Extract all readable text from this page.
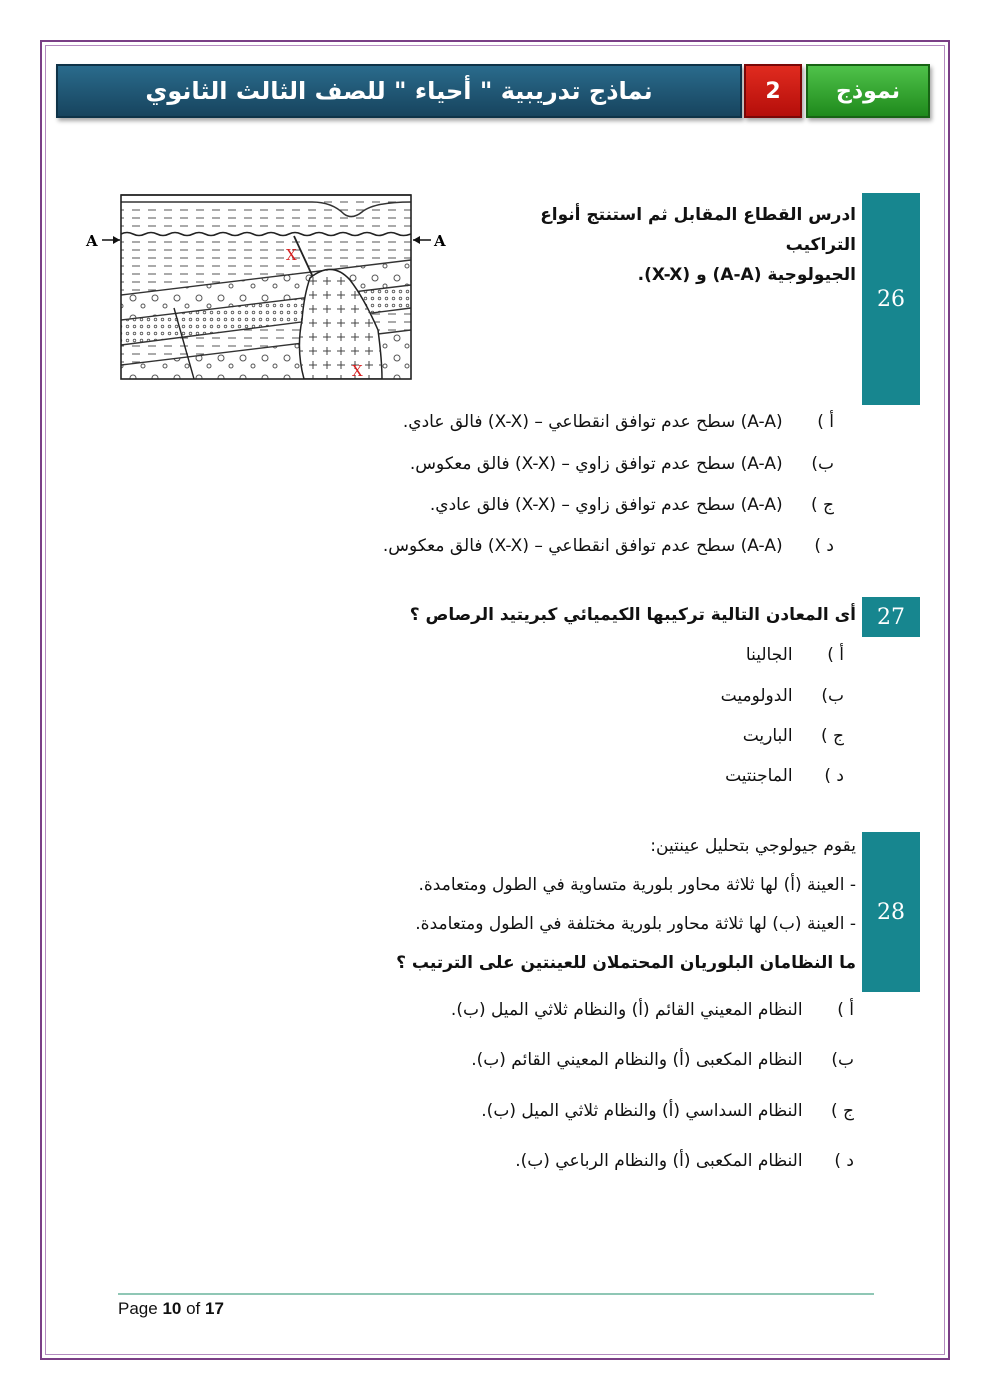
نماذج تدريبية " أحياء " للصف الثالث الثانوي	2	نموذج
26
ادرس القطاع المقابل ثم استنتج أنواع التراكيب
الجيولوجية (A-A) و (X-X).
A	A
X
X
أ ) (A-A) سطح عدم توافق انقطاعي – (X-X) فالق عادي.
ب) (A-A) سطح عدم توافق زاوي – (X-X) فالق معكوس.
ج ) (A-A) سطح عدم توافق زاوي – (X-X) فالق عادي.
د ) (A-A) سطح عدم توافق انقطاعي – (X-X) فالق معكوس.
27
أى المعادن التالية تركيبها الكيميائي كبريتيد الرصاص ؟
أ ) الجالينا
ب) الدولوميت
ج ) الباريت
د ) الماجنتيت
28
يقوم جيولوجي بتحليل عينتين:
- العينة (أ) لها ثلاثة محاور بلورية متساوية في الطول ومتعامدة.
- العينة (ب) لها ثلاثة محاور بلورية مختلفة في الطول ومتعامدة.
ما النظامان البلوريان المحتملان للعينتين على الترتيب ؟
أ ) النظام المعيني القائم (أ) والنظام ثلاثي الميل (ب).
ب) النظام المكعبى (أ) والنظام المعيني القائم (ب).
ج ) النظام السداسي (أ) والنظام ثلاثي الميل (ب).
د ) النظام المكعبى (أ) والنظام الرباعي (ب).
Page 10 of 17
